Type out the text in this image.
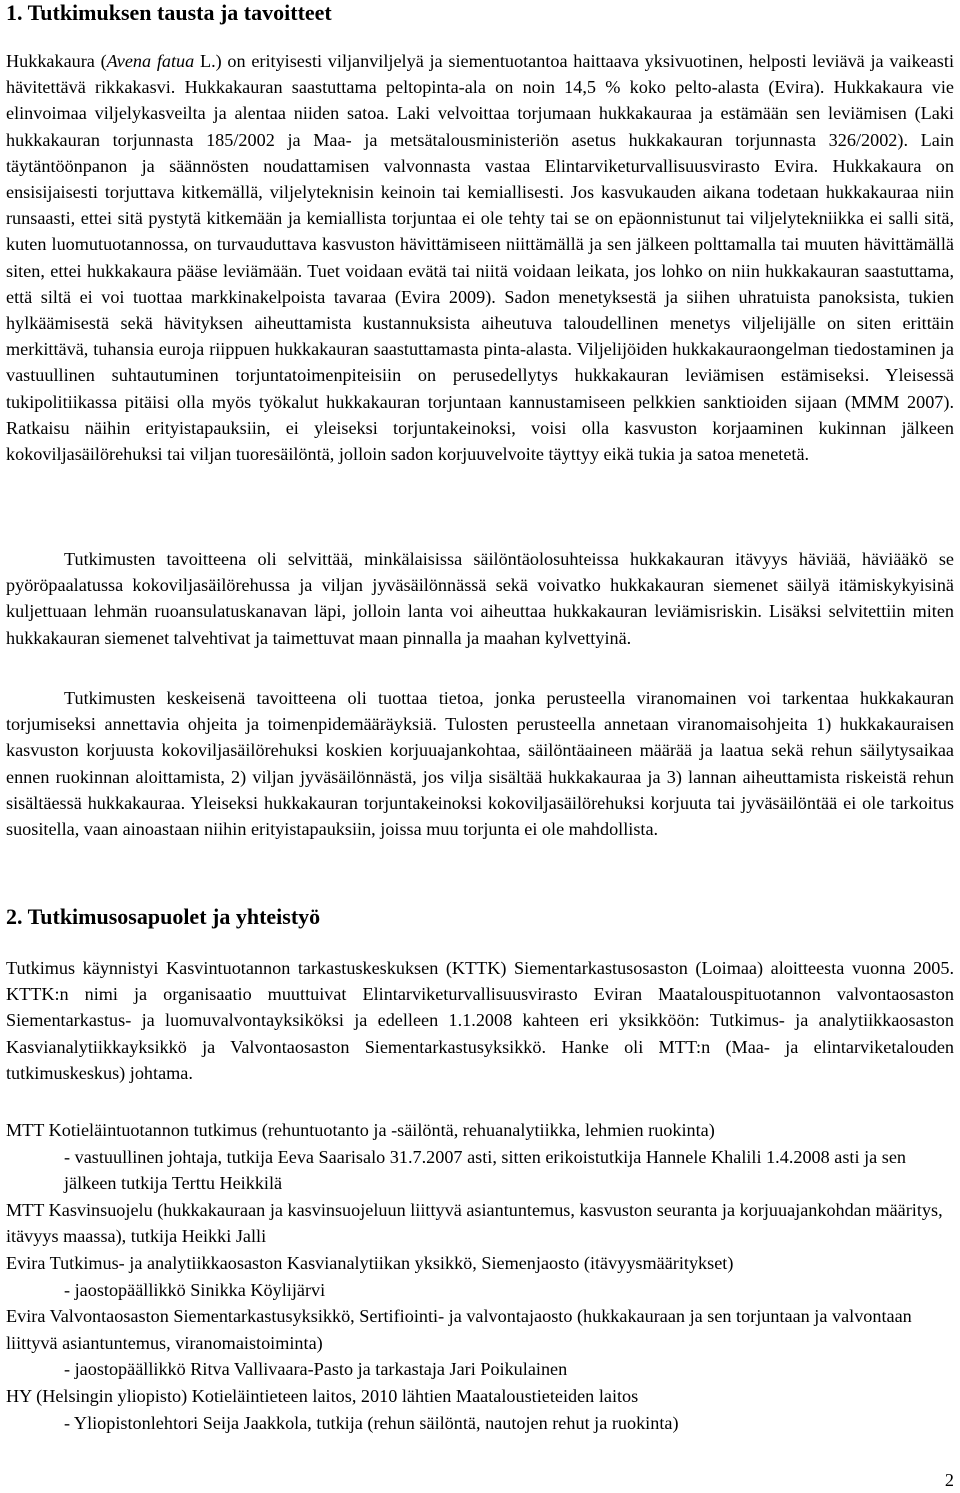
1. Tutkimuksen tausta ja tavoitteet

Hukkakaura (Avena fatua L.) on erityisesti viljanviljelyä ja siementuotantoa haittaava yksivuotinen, helposti leviävä ja vaikeasti hävitettävä rikkakasvi. Hukkakauran saastuttama peltopinta-ala on noin 14,5 % koko pelto-alasta (Evira). Hukkakaura vie elinvoimaa viljelykasveilta ja alentaa niiden satoa. Laki velvoittaa torjumaan hukkakauraa ja estämään sen leviämisen (Laki hukkakauran torjunnasta 185/2002 ja Maa- ja metsätalousministeriön asetus hukkakauran torjunnasta 326/2002). Lain täytäntöönpanon ja säännösten noudattamisen valvonnasta vastaa Elintarviketurvallisuusvirasto Evira. Hukkakaura on ensisijaisesti torjuttava kitkemällä, viljelyteknisin keinoin tai kemiallisesti. Jos kasvukauden aikana todetaan hukkakauraa niin runsaasti, ettei sitä pystytä kitkemään ja kemiallista torjuntaa ei ole tehty tai se on epäonnistunut tai viljelytekniikka ei salli sitä, kuten luomutuotannossa, on turvauduttava kasvuston hävittämiseen niittämällä ja sen jälkeen polttamalla tai muuten hävittämällä siten, ettei hukkakaura pääse leviämään. Tuet voidaan evätä tai niitä voidaan leikata, jos lohko on niin hukkakauran saastuttama, että siltä ei voi tuottaa markkinakelpoista tavaraa (Evira 2009). Sadon menetyksestä ja siihen uhratuista panoksista, tukien hylkäämisestä sekä hävityksen aiheuttamista kustannuksista aiheutuva taloudellinen menetys viljelijälle on siten erittäin merkittävä, tuhansia euroja riippuen hukkakauran saastuttamasta pinta-alasta. Viljelijöiden hukkakauraongelman tiedostaminen ja vastuullinen suhtautuminen torjuntatoimenpiteisiin on perusedellytys hukkakauran leviämisen estämiseksi. Yleisessä tukipolitiikassa pitäisi olla myös työkalut hukkakauran torjuntaan kannustamiseen pelkkien sanktioiden sijaan (MMM 2007). Ratkaisu näihin erityistapauksiin, ei yleiseksi torjuntakeinoksi, voisi olla kasvuston korjaaminen kukinnan jälkeen kokoviljasäilörehuksi tai viljan tuoresäilöntä, jolloin sadon korjuuvelvoite täyttyy eikä tukia ja satoa menetetä.

Tutkimusten tavoitteena oli selvittää, minkälaisissa säilöntäolosuhteissa hukkakauran itävyys häviää, häviääkö se pyöröpaalatussa kokoviljasäilörehussa ja viljan jyväsäilönnässä sekä voivatko hukkakauran siemenet säilyä itämiskykyisinä kuljettuaan lehmän ruoansulatuskanavan läpi, jolloin lanta voi aiheuttaa hukkakauran leviämisriskin. Lisäksi selvitettiin miten hukkakauran siemenet talvehtivat ja taimettuvat maan pinnalla ja maahan kylvettyinä.

Tutkimusten keskeisenä tavoitteena oli tuottaa tietoa, jonka perusteella viranomainen voi tarkentaa hukkakauran torjumiseksi annettavia ohjeita ja toimenpidemääräyksiä. Tulosten perusteella annetaan viranomaisohjeita 1) hukkakauraisen kasvuston korjuusta kokoviljasäilörehuksi koskien korjuuajankohtaa, säilöntäaineen määrää ja laatua sekä rehun säilytysaikaa ennen ruokinnan aloittamista, 2) viljan jyväsäilönnästä, jos vilja sisältää hukkakauraa ja 3) lannan aiheuttamista riskeistä rehun sisältäessä hukkakauraa. Yleiseksi hukkakauran torjuntakeinoksi kokoviljasäilörehuksi korjuuta tai jyväsäilöntää ei ole tarkoitus suositella, vaan ainoastaan niihin erityistapauksiin, joissa muu torjunta ei ole mahdollista.

2. Tutkimusosapuolet ja yhteistyö

Tutkimus käynnistyi Kasvintuotannon tarkastuskeskuksen (KTTK) Siementarkastusosaston (Loimaa) aloitteesta vuonna 2005. KTTK:n nimi ja organisaatio muuttuivat Elintarviketurvallisuusvirasto Eviran Maatalouspituotannon valvontaosaston Siementarkastus- ja luomuvalvontayksiköksi ja edelleen 1.1.2008 kahteen eri yksikköön: Tutkimus- ja analytiikkaosaston Kasvianalytiikkayksikkö ja Valvontaosaston Siementarkastusyksikkö. Hanke oli MTT:n (Maa- ja elintarviketalouden tutkimuskeskus) johtama.

MTT Kotieläintuotannon tutkimus (rehuntuotanto ja -säilöntä, rehuanalytiikka, lehmien ruokinta)

- vastuullinen johtaja, tutkija Eeva Saarisalo 31.7.2007 asti, sitten erikoistutkija Hannele Khalili 1.4.2008 asti ja sen jälkeen tutkija Terttu Heikkilä

MTT Kasvinsuojelu (hukkakauraan ja kasvinsuojeluun liittyvä asiantuntemus, kasvuston seuranta ja korjuuajankohdan määritys, itävyys maassa), tutkija Heikki Jalli

Evira Tutkimus- ja analytiikkaosaston Kasvianalytiikan yksikkö, Siemenjaosto (itävyysmääritykset)

- jaostopäällikkö Sinikka Köylijärvi

Evira Valvontaosaston Siementarkastusyksikkö, Sertifiointi- ja valvontajaosto (hukkakauraan ja sen torjuntaan ja valvontaan liittyvä asiantuntemus, viranomaistoiminta)

- jaostopäällikkö Ritva Vallivaara-Pasto ja tarkastaja Jari Poikulainen

HY (Helsingin yliopisto) Kotieläintieteen laitos, 2010 lähtien Maataloustieteiden laitos

- Yliopistonlehtori Seija Jaakkola, tutkija (rehun säilöntä, nautojen rehut ja ruokinta)

2
